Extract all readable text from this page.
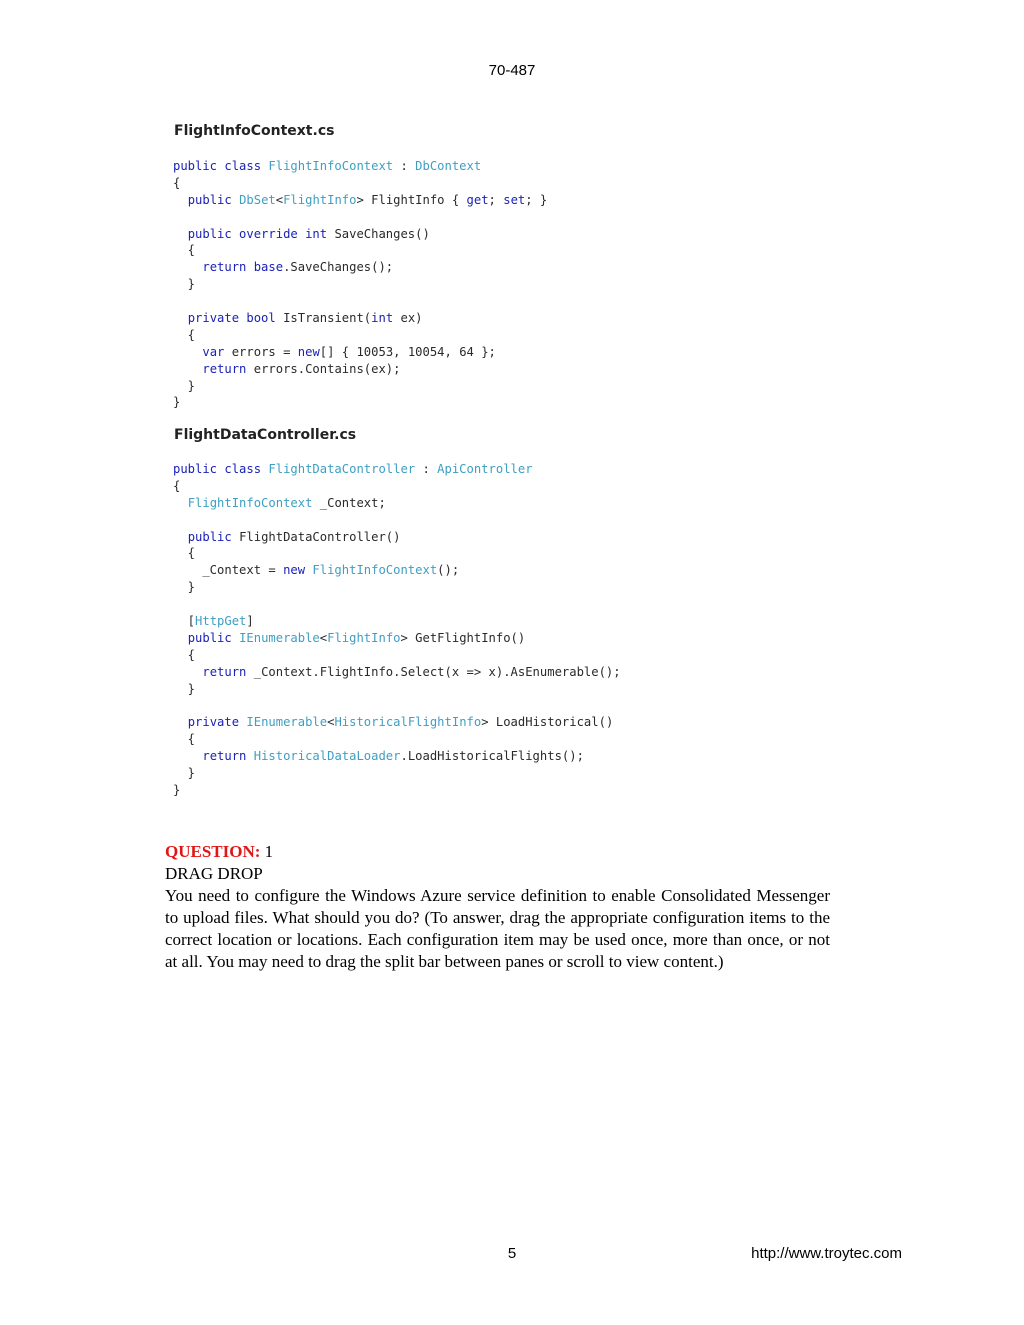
70-487
FlightInfoContext.cs
public class FlightInfoContext : DbContext
{
public DbSet<FlightInfo> FlightInfo { get; set; }
public override int SaveChanges()
{
return base.SaveChanges();
}
private bool IsTransient(int ex)
{
var errors = new[] { 10053, 10054, 64 };
return errors.Contains(ex);
}
}
FlightDataController.cs
public class FlightDataController : ApiController
{
FlightInfoContext _Context;
public FlightDataController()
{
_Context = new FlightInfoContext();
}
[HttpGet]
public IEnumerable<FlightInfo> GetFlightInfo()
{
return _Context.FlightInfo.Select(x => x).AsEnumerable();
}
private IEnumerable<HistoricalFlightInfo> LoadHistorical()
{
return HistoricalDataLoader.LoadHistoricalFlights();
}
}
QUESTION: 1
DRAG DROP
You need to configure the Windows Azure service definition to enable Consolidated Messenger to upload files. What should you do? (To answer, drag the appropriate configuration items to the correct location or locations. Each configuration item may be used once, more than once, or not at all. You may need to drag the split bar between panes or scroll to view content.)
5	http://www.troytec.com
